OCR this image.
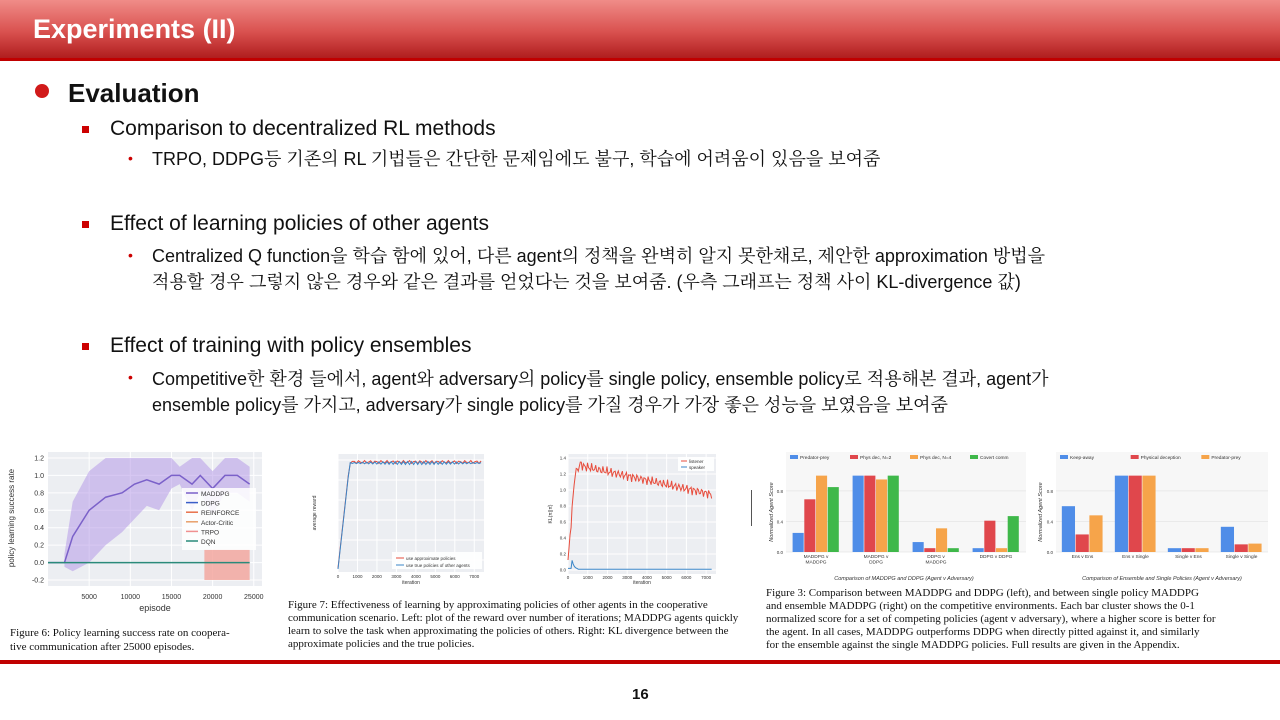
Experiments (II)
Evaluation
Comparison to decentralized RL methods
• TRPO, DDPG등 기존의 RL 기법들은 간단한 문제임에도 불구, 학습에 어려움이 있음을 보여줌
Effect of learning policies of other agents
• Centralized Q function을 학습 함에 있어, 다른 agent의 정책을 완벽히 알지 못한채로, 제안한 approximation 방법을
적용할 경우 그렇지 않은 경우와 같은 결과를 얻었다는 것을 보여줌. (우측 그래프는 정책 사이 KL-divergence 값)
Effect of training with policy ensembles
• Competitive한 환경 들에서, agent와 adversary의 policy를 single policy, ensemble policy로 적용해본 결과, agent가
ensemble policy를 가지고, adversary가 single policy를 가질 경우가 가장 좋은 성능을 보였음을 보여줌
1.2
1.0
0.8
0.6
0.4
0.2
0.0
-0.2
5000	10000	15000	20000	25000
policy learning success rate
episode
MADDPG
DDPG
REINFORCE
Actor-Critic
TRPO
DQN
Figure 6: Policy learning success rate on coopera-
tive communication after 25000 episodes.
average reward
iteration
0	1000 2000 3000 4000 5000 6000 7000
use approximate policies
use true policies of other agents
KL(π||π̂)
iteration
1.4
1.2
1.0
0.8
0.6
0.4
0.2
0.0
0	1000 2000 3000 4000 5000 6000 7000
listener
speaker
Figure 7: Effectiveness of learning by approximating policies of other agents in the cooperative
communication scenario. Left: plot of the reward over number of iterations; MADDPG agents quickly
learn to solve the task when approximating the policies of others. Right: KL divergence between the
approximate policies and the true policies.
0.0
0.4
0.8
MADDPG v
MADDPG
MADDPG v
DDPG
DDPG v
MADDPG
DDPG v DDPG
Predator-prey	Phys dec, N=2	Phys dec, N=4	Covert comm
Normalized Agent Score
Comparison of MADDPG and DDPG (Agent v Adversary)
0.0
0.4
0.8
Ens v Ens	Ens v Single	Single v Ens	Single v Single
Keep-away	Physical deception	Predator-prey
Normalized Agent Score
Comparison of Ensemble and Single Policies (Agent v Adversary)
Figure 3: Comparison between MADDPG and DDPG (left), and between single policy MADDPG
and ensemble MADDPG (right) on the competitive environments. Each bar cluster shows the 0-1
normalized score for a set of competing policies (agent v adversary), where a higher score is better for
the agent. In all cases, MADDPG outperforms DDPG when directly pitted against it, and similarly
for the ensemble against the single MADDPG policies. Full results are given in the Appendix.
16
